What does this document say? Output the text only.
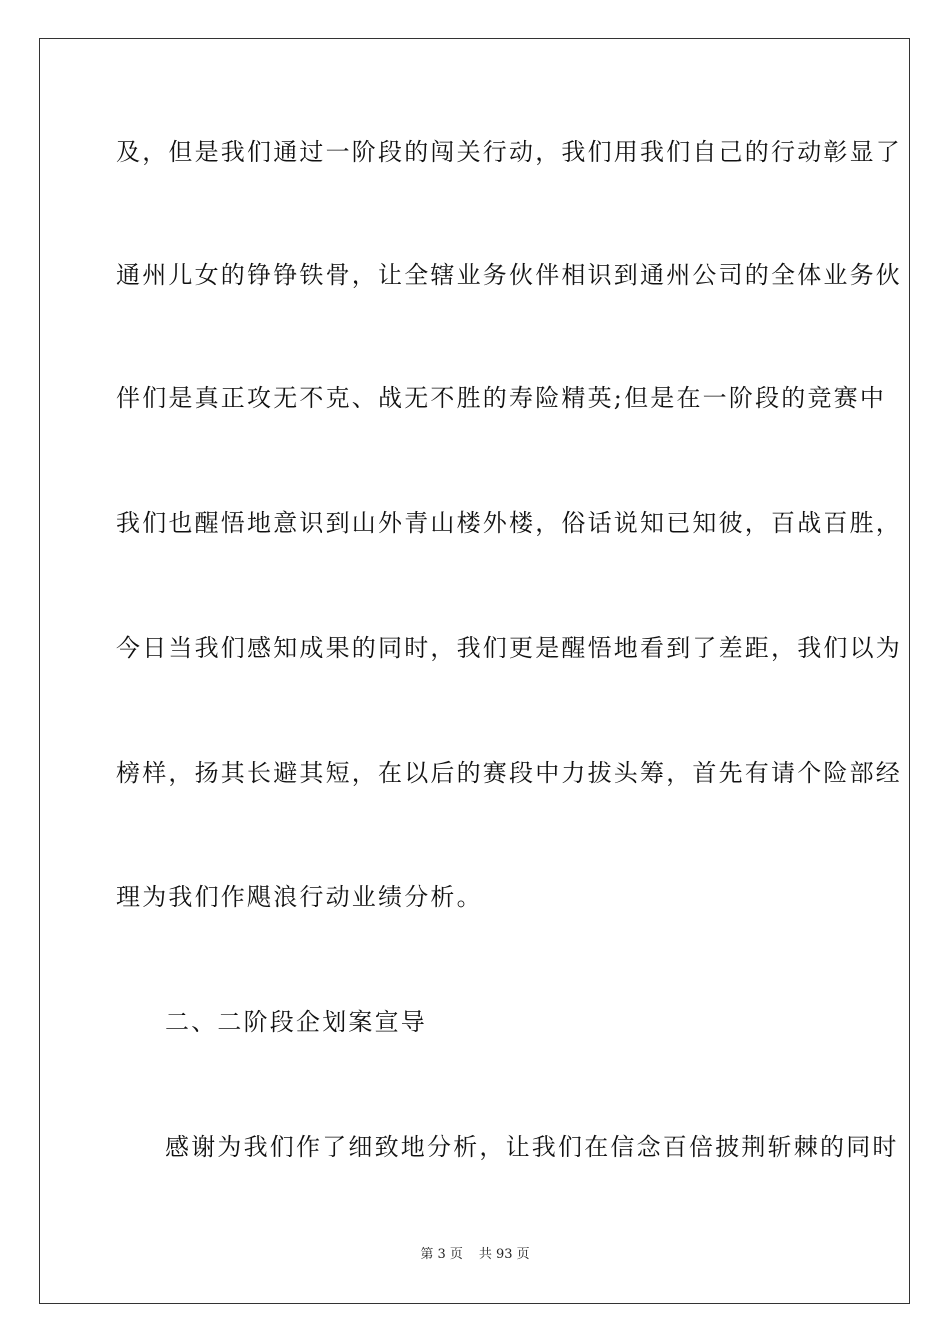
及，但是我们通过一阶段的闯关行动，我们用我们自己的行动彰显了
通州儿女的铮铮铁骨，让全辖业务伙伴相识到通州公司的全体业务伙
伴们是真正攻无不克、战无不胜的寿险精英;但是在一阶段的竞赛中
我们也醒悟地意识到山外青山楼外楼，俗话说知已知彼，百战百胜，
今日当我们感知成果的同时，我们更是醒悟地看到了差距，我们以为
榜样，扬其长避其短，在以后的赛段中力拔头筹，首先有请个险部经
理为我们作飓浪行动业绩分析。
二、二阶段企划案宣导
感谢为我们作了细致地分析，让我们在信念百倍披荆斩棘的同时
第 3 页 共 93 页
